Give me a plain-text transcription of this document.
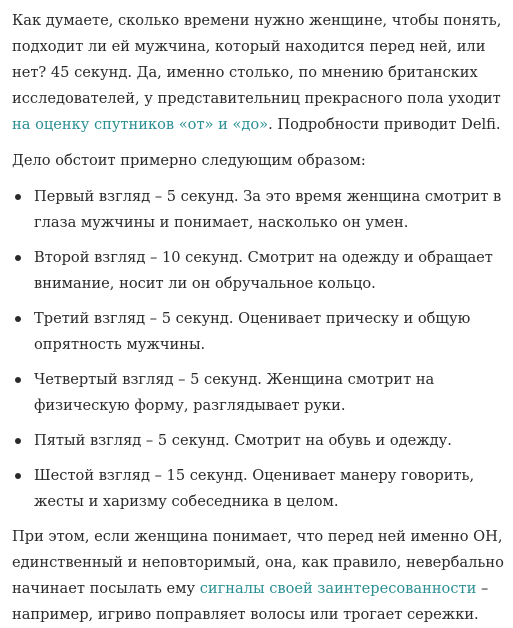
Как думаете, сколько времени нужно женщине, чтобы понять, подходит ли ей мужчина, который находится перед ней, или нет? 45 секунд. Да, именно столько, по мнению британских исследователей, у представительниц прекрасного пола уходит на оценку спутников «от» и «до». Подробности приводит Delfi.

Дело обстоит примерно следующим образом:

Первый взгляд – 5 секунд. За это время женщина смотрит в глаза мужчины и понимает, насколько он умен.
Второй взгляд – 10 секунд. Смотрит на одежду и обращает внимание, носит ли он обручальное кольцо.
Третий взгляд – 5 секунд. Оценивает прическу и общую опрятность мужчины.
Четвертый взгляд – 5 секунд. Женщина смотрит на физическую форму, разглядывает руки.
Пятый взгляд – 5 секунд. Смотрит на обувь и одежду.
Шестой взгляд – 15 секунд. Оценивает манеру говорить, жесты и харизму собеседника в целом.

При этом, если женщина понимает, что перед ней именно ОН, единственный и неповторимый, она, как правило, невербально начинает посылать ему сигналы своей заинтересованности – например, игриво поправляет волосы или трогает сережки.
